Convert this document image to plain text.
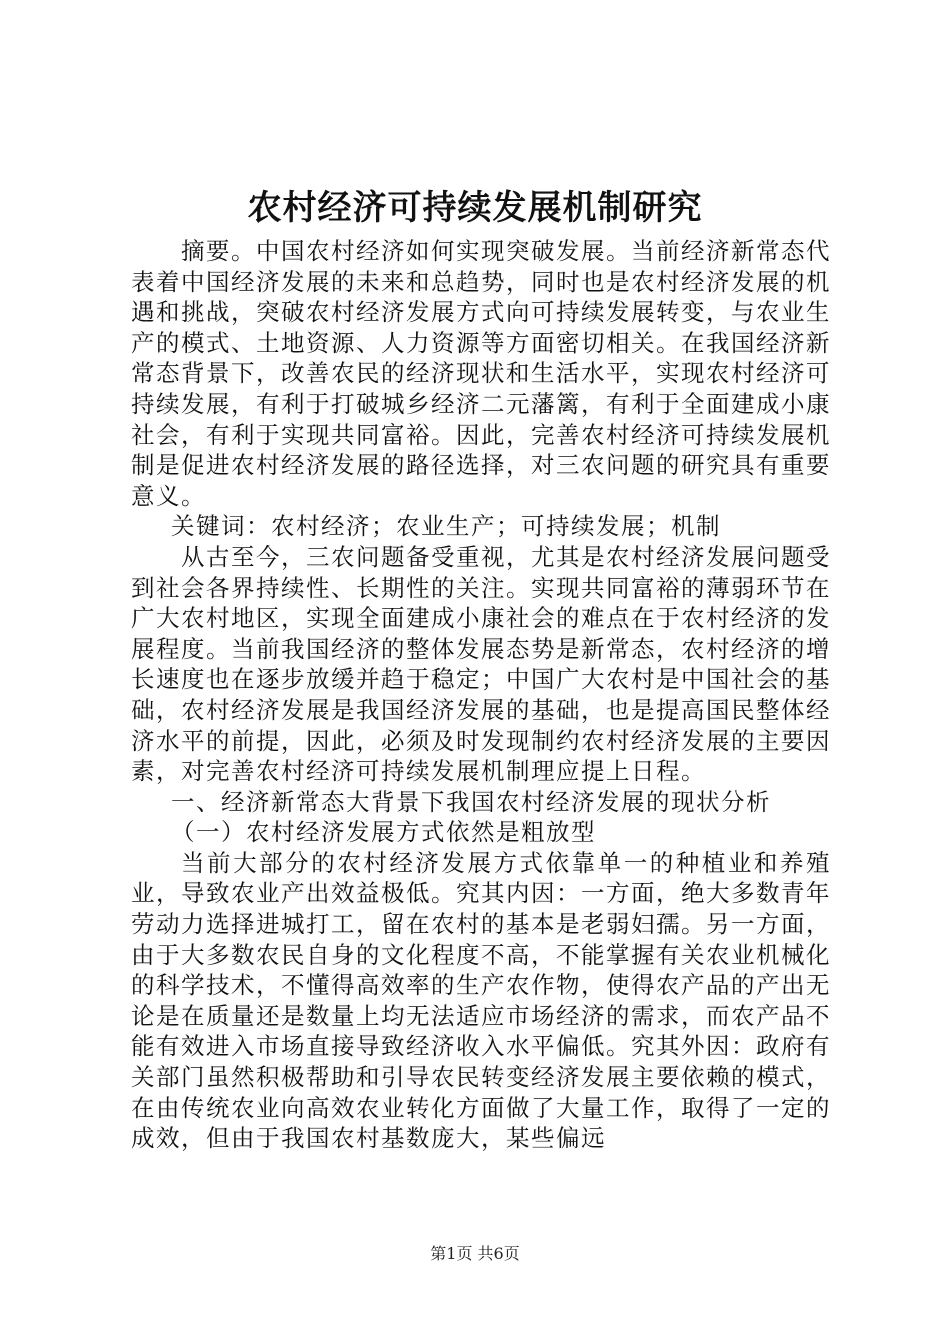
农村经济可持续发展机制研究

摘要。中国农村经济如何实现突破发展。当前经济新常态代表着中国经济发展的未来和总趋势，同时也是农村经济发展的机遇和挑战，突破农村经济发展方式向可持续发展转变，与农业生产的模式、土地资源、人力资源等方面密切相关。在我国经济新常态背景下，改善农民的经济现状和生活水平，实现农村经济可持续发展，有利于打破城乡经济二元藩篱，有利于全面建成小康社会，有利于实现共同富裕。因此，完善农村经济可持续发展机制是促进农村经济发展的路径选择，对三农问题的研究具有重要意义。

关键词：农村经济；农业生产；可持续发展；机制

从古至今，三农问题备受重视，尤其是农村经济发展问题受到社会各界持续性、长期性的关注。实现共同富裕的薄弱环节在广大农村地区，实现全面建成小康社会的难点在于农村经济的发展程度。当前我国经济的整体发展态势是新常态，农村经济的增长速度也在逐步放缓并趋于稳定；中国广大农村是中国社会的基础，农村经济发展是我国经济发展的基础，也是提高国民整体经济水平的前提，因此，必须及时发现制约农村经济发展的主要因素，对完善农村经济可持续发展机制理应提上日程。

一、经济新常态大背景下我国农村经济发展的现状分析

（一）农村经济发展方式依然是粗放型

当前大部分的农村经济发展方式依靠单一的种植业和养殖业，导致农业产出效益极低。究其内因：一方面，绝大多数青年劳动力选择进城打工，留在农村的基本是老弱妇孺。另一方面，由于大多数农民自身的文化程度不高，不能掌握有关农业机械化的科学技术，不懂得高效率的生产农作物，使得农产品的产出无论是在质量还是数量上均无法适应市场经济的需求，而农产品不能有效进入市场直接导致经济收入水平偏低。究其外因：政府有关部门虽然积极帮助和引导农民转变经济发展主要依赖的模式，在由传统农业向高效农业转化方面做了大量工作，取得了一定的成效，但由于我国农村基数庞大，某些偏远

第1页 共6页
